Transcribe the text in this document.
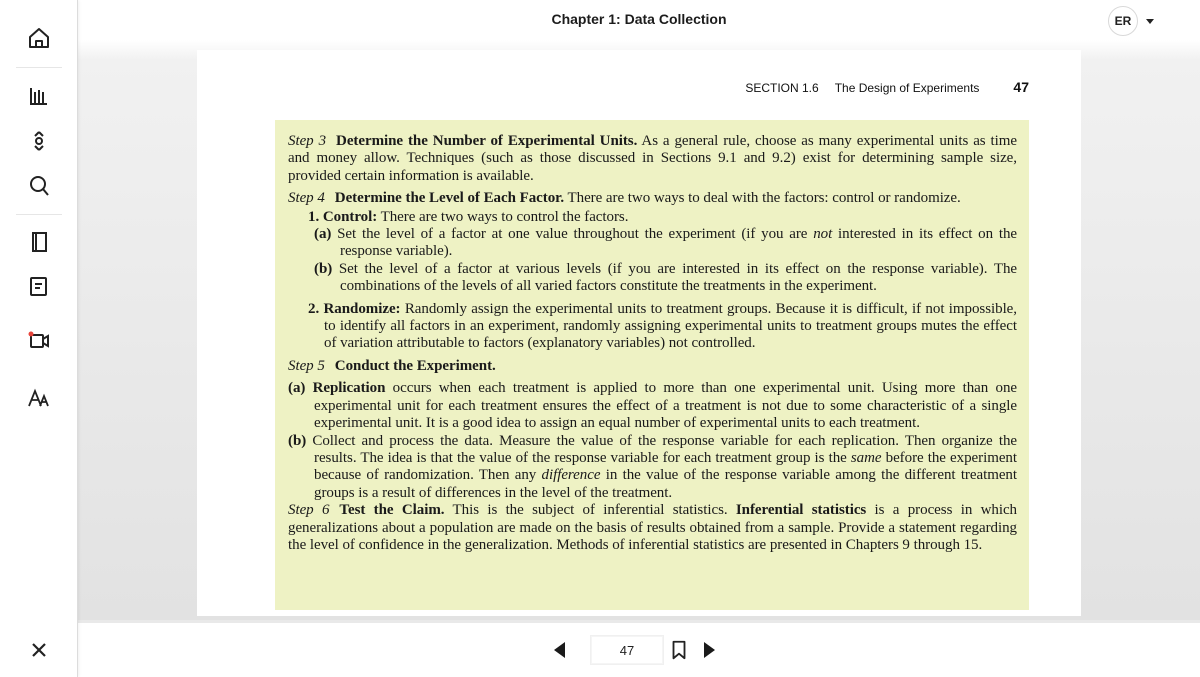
Chapter 1: Data Collection	ER
SECTION 1.6 The Design of Experiments 47

Step 3 Determine the Number of Experimental Units. As a general rule, choose as many experimental units as time and money allow. Techniques (such as those discussed in Sections 9.1 and 9.2) exist for determining sample size, provided certain information is available.

Step 4 Determine the Level of Each Factor. There are two ways to deal with the factors: control or randomize.

1. Control: There are two ways to control the factors.

(a) Set the level of a factor at one value throughout the experiment (if you are not interested in its effect on the response variable).

(b) Set the level of a factor at various levels (if you are interested in its effect on the response variable). The combinations of the levels of all varied factors constitute the treatments in the experiment.

2. Randomize: Randomly assign the experimental units to treatment groups. Because it is difficult, if not impossible, to identify all factors in an experiment, randomly assigning experimental units to treatment groups mutes the effect of variation attributable to factors (explanatory variables) not controlled.

Step 5 Conduct the Experiment.

(a) Replication occurs when each treatment is applied to more than one experimental unit. Using more than one experimental unit for each treatment ensures the effect of a treatment is not due to some characteristic of a single experimental unit. It is a good idea to assign an equal number of experimental units to each treatment.

(b) Collect and process the data. Measure the value of the response variable for each replication. Then organize the results. The idea is that the value of the response variable for each treatment group is the same before the experiment because of randomization. Then any difference in the value of the response variable among the different treatment groups is a result of differences in the level of the treatment.

Step 6 Test the Claim. This is the subject of inferential statistics. Inferential statistics is a process in which generalizations about a population are made on the basis of results obtained from a sample. Provide a statement regarding the level of confidence in the generalization. Methods of inferential statistics are presented in Chapters 9 through 15.

47
